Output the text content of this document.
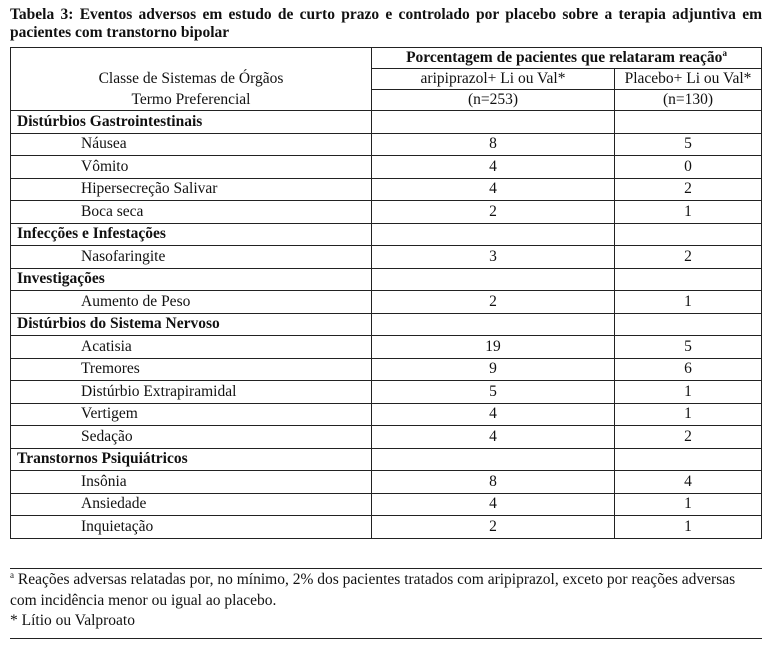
Tabela 3: Eventos adversos em estudo de curto prazo e controlado por placebo sobre a terapia adjuntiva em pacientes com transtorno bipolar
	Porcentagem de pacientes que relataram reação$^a$
Classe de Sistemas de Órgãos	aripiprazol+ Li ou Val*	Placebo+ Li ou Val*
Termo Preferencial	(n=253)	(n=130)
Distúrbios Gastrointestinais		
Náusea	8	5
Vômito	4	0
Hipersecreção Salivar	4	2
Boca seca	2	1
Infecções e Infestações		
Nasofaringite	3	2
Investigações		
Aumento de Peso	2	1
Distúrbios do Sistema Nervoso		
Acatisia	19	5
Tremores	9	6
Distúrbio Extrapiramidal	5	1
Vertigem	4	1
Sedação	4	2
Transtornos Psiquiátricos		
Insônia	8	4
Ansiedade	4	1
Inquietação	2	1
$^a$ Reações adversas relatadas por, no mínimo, 2% dos pacientes tratados com aripiprazol, exceto por reações adversas com incidência menor ou igual ao placebo.
* Lítio ou Valproato
